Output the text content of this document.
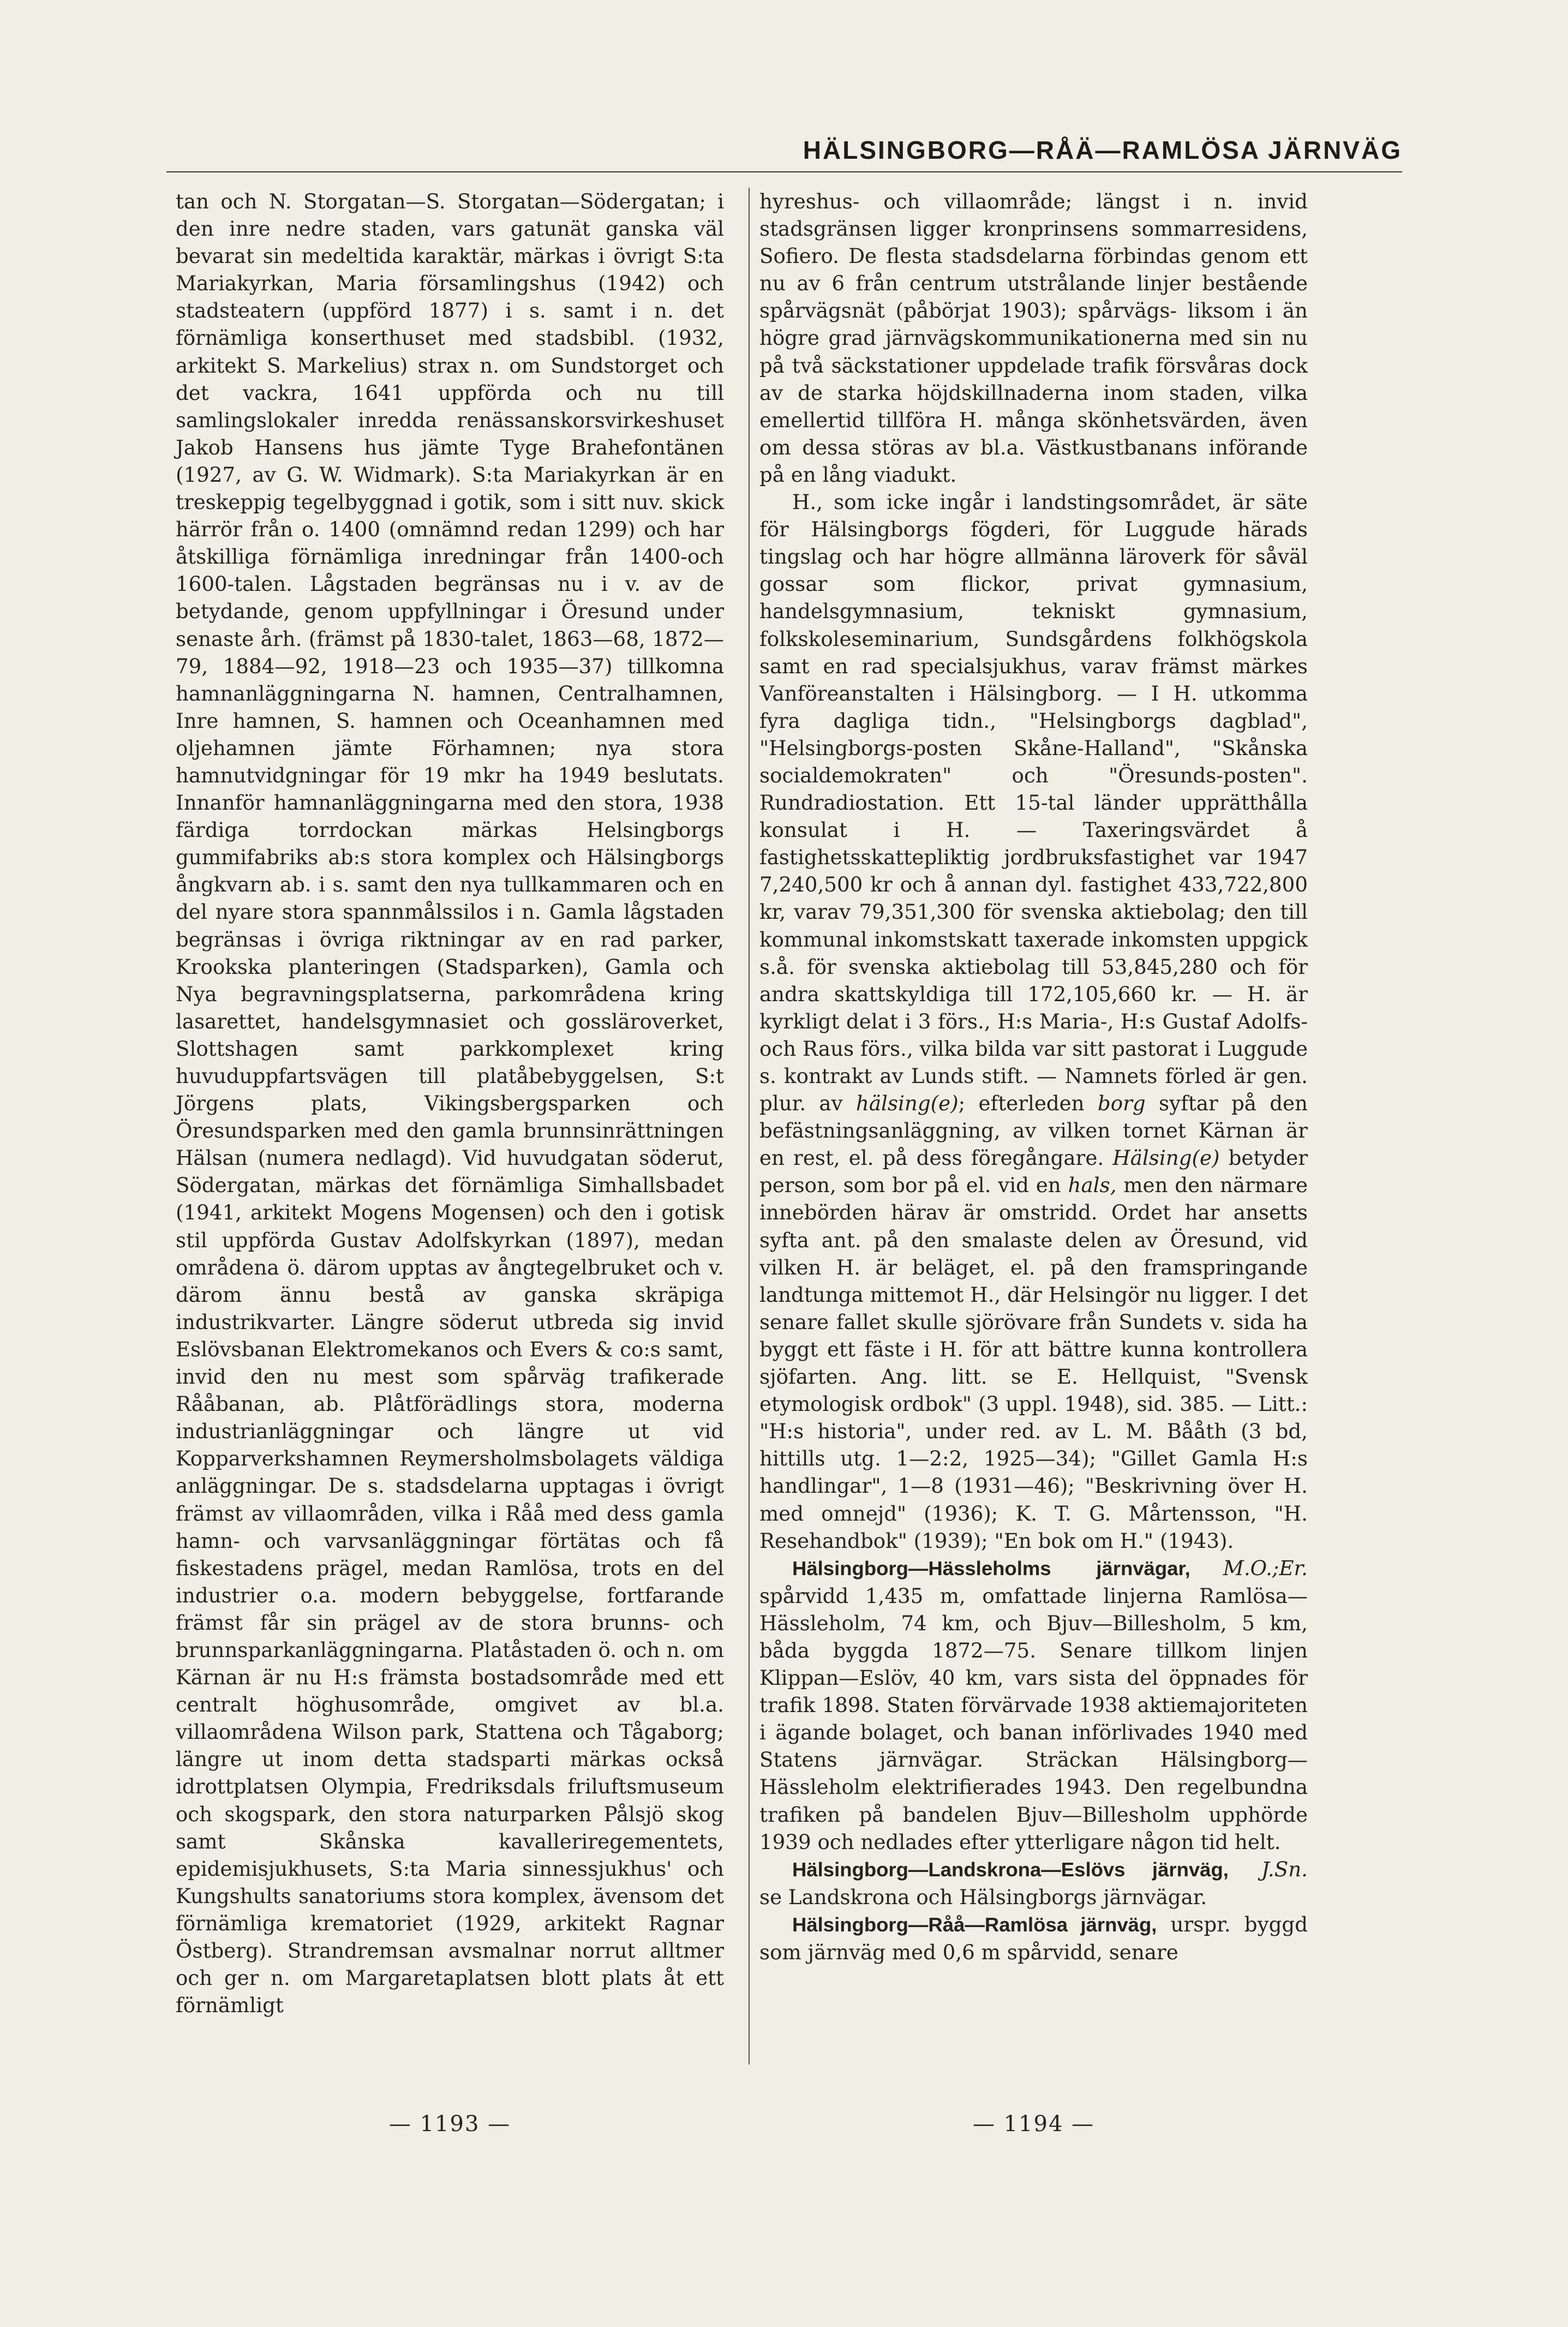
HÄLSINGBORG—RÅÄ—RAMLÖSA JÄRNVÄG

tan och N. Storgatan—S. Storgatan—Södergatan; i den inre nedre staden, vars gatunät ganska väl bevarat sin medeltida karaktär, märkas i övrigt S:ta Mariakyrkan, Maria församlingshus (1942) och stadsteatern (uppförd 1877) i s. samt i n. det förnämliga konserthuset med stadsbibl. (1932, arkitekt S. Markelius) strax n. om Sundstorget och det vackra, 1641 uppförda och nu till samlingslokaler inredda renässanskorsvirkeshuset Jakob Hansens hus jämte Tyge Brahefontänen (1927, av G. W. Widmark). S:ta Mariakyrkan är en treskeppig tegelbyggnad i gotik, som i sitt nuv. skick härrör från o. 1400 (omnämnd redan 1299) och har åtskilliga förnämliga inredningar från 1400-och 1600-talen. Lågstaden begränsas nu i v. av de betydande, genom uppfyllningar i Öresund under senaste årh. (främst på 1830-talet, 1863—68, 1872—79, 1884—92, 1918—23 och 1935—37) tillkomna hamnanläggningarna N. hamnen, Centralhamnen, Inre hamnen, S. hamnen och Oceanhamnen med oljehamnen jämte Förhamnen; nya stora hamnutvidgningar för 19 mkr ha 1949 beslutats. Innanför hamnanläggningarna med den stora, 1938 färdiga torrdockan märkas Helsingborgs gummifabriks ab:s stora komplex och Hälsingborgs ångkvarn ab. i s. samt den nya tullkammaren och en del nyare stora spannmålssilos i n. Gamla lågstaden begränsas i övriga riktningar av en rad parker, Krookska planteringen (Stadsparken), Gamla och Nya begravningsplatserna, parkområdena kring lasarettet, handelsgymnasiet och gossläroverket, Slottshagen samt parkkomplexet kring huvuduppfartsvägen till platåbebyggelsen, S:t Jörgens plats, Vikingsbergsparken och Öresundsparken med den gamla brunnsinrättningen Hälsan (numera nedlagd). Vid huvudgatan söderut, Södergatan, märkas det förnämliga Simhallsbadet (1941, arkitekt Mogens Mogensen) och den i gotisk stil uppförda Gustav Adolfskyrkan (1897), medan områdena ö. därom upptas av ångtegelbruket och v. därom ännu bestå av ganska skräpiga industrikvarter. Längre söderut utbreda sig invid Eslövsbanan Elektromekanos och Evers & co:s samt, invid den nu mest som spårväg trafikerade Rååbanan, ab. Plåtförädlings stora, moderna industrianläggningar och längre ut vid Kopparverkshamnen Reymersholmsbolagets väldiga anläggningar. De s. stadsdelarna upptagas i övrigt främst av villaområden, vilka i Råå med dess gamla hamn- och varvsanläggningar förtätas och få fiskestadens prägel, medan Ramlösa, trots en del industrier o.a. modern bebyggelse, fortfarande främst får sin prägel av de stora brunns- och brunnsparkanläggningarna. Platåstaden ö. och n. om Kärnan är nu H:s främsta bostadsområde med ett centralt höghusområde, omgivet av bl.a. villaområdena Wilson park, Stattena och Tågaborg; längre ut inom detta stadsparti märkas också idrottplatsen Olympia, Fredriksdals friluftsmuseum och skogspark, den stora naturparken Pålsjö skog samt Skånska kavalleriregementets, epidemisjukhusets, S:ta Maria sinnessjukhus' och Kungshults sanatoriums stora komplex, ävensom det förnämliga krematoriet (1929, arkitekt Ragnar Östberg). Strandremsan avsmalnar norrut alltmer och ger n. om Margaretaplatsen blott plats åt ett förnämligt

hyreshus- och villaområde; längst i n. invid stadsgränsen ligger kronprinsens sommarresidens, Sofiero. De flesta stadsdelarna förbindas genom ett nu av 6 från centrum utstrålande linjer bestående spårvägsnät (påbörjat 1903); spårvägs- liksom i än högre grad järnvägskommunikationerna med sin nu på två säckstationer uppdelade trafik försvåras dock av de starka höjdskillnaderna inom staden, vilka emellertid tillföra H. många skönhetsvärden, även om dessa störas av bl.a. Västkustbanans införande på en lång viadukt.

H., som icke ingår i landstingsområdet, är säte för Hälsingborgs fögderi, för Luggude härads tingslag och har högre allmänna läroverk för såväl gossar som flickor, privat gymnasium, handelsgymnasium, tekniskt gymnasium, folkskoleseminarium, Sundsgårdens folkhögskola samt en rad specialsjukhus, varav främst märkes Vanföreanstalten i Hälsingborg. — I H. utkomma fyra dagliga tidn., "Helsingborgs dagblad", "Helsingborgs-posten Skåne-Halland", "Skånska socialdemokraten" och "Öresunds-posten". Rundradiostation. Ett 15-tal länder upprätthålla konsulat i H. — Taxeringsvärdet å fastighetsskattepliktig jordbruksfastighet var 1947 7,240,500 kr och å annan dyl. fastighet 433,722,800 kr, varav 79,351,300 för svenska aktiebolag; den till kommunal inkomstskatt taxerade inkomsten uppgick s.å. för svenska aktiebolag till 53,845,280 och för andra skattskyldiga till 172,105,660 kr. — H. är kyrkligt delat i 3 förs., H:s Maria-, H:s Gustaf Adolfs- och Raus förs., vilka bilda var sitt pastorat i Luggude s. kontrakt av Lunds stift. — Namnets förled är gen. plur. av hälsing(e); efterleden borg syftar på den befästningsanläggning, av vilken tornet Kärnan är en rest, el. på dess föregångare. Hälsing(e) betyder person, som bor på el. vid en hals, men den närmare innebörden härav är omstridd. Ordet har ansetts syfta ant. på den smalaste delen av Öresund, vid vilken H. är beläget, el. på den framspringande landtunga mittemot H., där Helsingör nu ligger. I det senare fallet skulle sjörövare från Sundets v. sida ha byggt ett fäste i H. för att bättre kunna kontrollera sjöfarten. Ang. litt. se E. Hellquist, "Svensk etymologisk ordbok" (3 uppl. 1948), sid. 385. — Litt.: "H:s historia", under red. av L. M. Bååth (3 bd, hittills utg. 1—2:2, 1925—34); "Gillet Gamla H:s handlingar", 1—8 (1931—46); "Beskrivning över H. med omnejd" (1936); K. T. G. Mårtensson, "H. Resehandbok" (1939); "En bok om H." (1943).
M.O.;Er.

Hälsingborg—Hässleholms järnvägar, spårvidd 1,435 m, omfattade linjerna Ramlösa—Hässleholm, 74 km, och Bjuv—Billesholm, 5 km, båda byggda 1872—75. Senare tillkom linjen Klippan—Eslöv, 40 km, vars sista del öppnades för trafik 1898. Staten förvärvade 1938 aktiemajoriteten i ägande bolaget, och banan införlivades 1940 med Statens järnvägar. Sträckan Hälsingborg—Hässleholm elektrifierades 1943. Den regelbundna trafiken på bandelen Bjuv—Billesholm upphörde 1939 och nedlades efter ytterligare någon tid helt.
J.Sn.

Hälsingborg—Landskrona—Eslövs järnväg, se Landskrona och Hälsingborgs järnvägar.

Hälsingborg—Råå—Ramlösa järnväg, urspr. byggd som järnväg med 0,6 m spårvidd, senare

— 1193 —	— 1194 —
